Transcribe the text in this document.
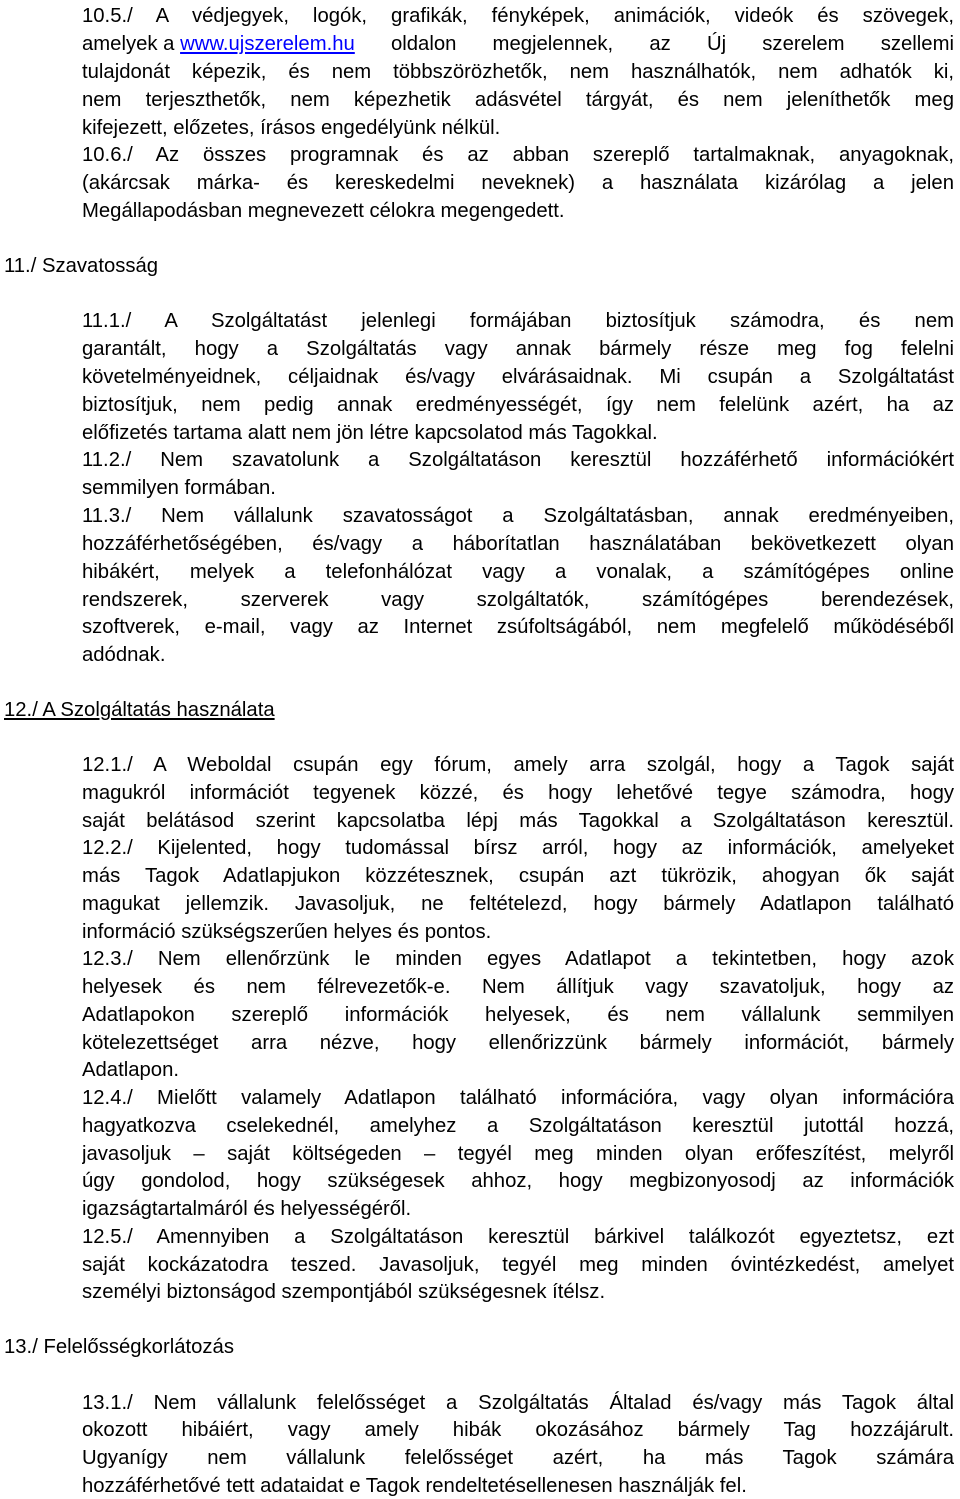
10.5./ A védjegyek, logók, grafikák, fényképek, animációk, videók és szövegek,
amelyek a www.ujszerelem.hu oldalon megjelennek, az Új szerelem szellemi
tulajdonát képezik, és nem többszörözhetők, nem használhatók, nem adhatók ki,
nem terjeszthetők, nem képezhetik adásvétel tárgyát, és nem jeleníthetők meg
kifejezett, előzetes, írásos engedélyünk nélkül.
10.6./ Az összes programnak és az abban szereplő tartalmaknak, anyagoknak,
(akárcsak márka- és kereskedelmi neveknek) a használata kizárólag a jelen
Megállapodásban megnevezett célokra megengedett.
11./ Szavatosság
11.1./ A Szolgáltatást jelenlegi formájában biztosítjuk számodra, és nem
garantált, hogy a Szolgáltatás vagy annak bármely része meg fog felelni
követelményeidnek, céljaidnak és/vagy elvárásaidnak. Mi csupán a Szolgáltatást
biztosítjuk, nem pedig annak eredményességét, így nem felelünk azért, ha az
előfizetés tartama alatt nem jön létre kapcsolatod más Tagokkal.
11.2./ Nem szavatolunk a Szolgáltatáson keresztül hozzáférhető információkért
semmilyen formában.
11.3./ Nem vállalunk szavatosságot a Szolgáltatásban, annak eredményeiben,
hozzáférhetőségében, és/vagy a háborítatlan használatában bekövetkezett olyan
hibákért, melyek a telefonhálózat vagy a vonalak, a számítógépes online
rendszerek, szerverek vagy szolgáltatók, számítógépes berendezések,
szoftverek, e-mail, vagy az Internet zsúfoltságából, nem megfelelő működéséből
adódnak.
12./ A Szolgáltatás használata
12.1./ A Weboldal csupán egy fórum, amely arra szolgál, hogy a Tagok saját
magukról információt tegyenek közzé, és hogy lehetővé tegye számodra, hogy
saját belátásod szerint kapcsolatba lépj más Tagokkal a Szolgáltatáson keresztül.
12.2./ Kijelented, hogy tudomással bírsz arról, hogy az információk, amelyeket
más Tagok Adatlapjukon közzétesznek, csupán azt tükrözik, ahogyan ők saját
magukat jellemzik. Javasoljuk, ne feltételezd, hogy bármely Adatlapon található
információ szükségszerűen helyes és pontos.
12.3./ Nem ellenőrzünk le minden egyes Adatlapot a tekintetben, hogy azok
helyesek és nem félrevezetők-e. Nem állítjuk vagy szavatoljuk, hogy az
Adatlapokon szereplő információk helyesek, és nem vállalunk semmilyen
kötelezettséget arra nézve, hogy ellenőrizzünk bármely információt, bármely
Adatlapon.
12.4./ Mielőtt valamely Adatlapon található információra, vagy olyan információra
hagyatkozva cselekednél, amelyhez a Szolgáltatáson keresztül jutottál hozzá,
javasoljuk – saját költségeden – tegyél meg minden olyan erőfeszítést, melyről
úgy gondolod, hogy szükségesek ahhoz, hogy megbizonyosodj az információk
igazságtartalmáról és helyességéről.
12.5./ Amennyiben a Szolgáltatáson keresztül bárkivel találkozót egyeztetsz, ezt
saját kockázatodra teszed. Javasoljuk, tegyél meg minden óvintézkedést, amelyet
személyi biztonságod szempontjából szükségesnek ítélsz.
13./ Felelősségkorlátozás
13.1./ Nem vállalunk felelősséget a Szolgáltatás Általad és/vagy más Tagok által
okozott hibáiért, vagy amely hibák okozásához bármely Tag hozzájárult.
Ugyanígy nem vállalunk felelősséget azért, ha más Tagok számára
hozzáférhetővé tett adataidat e Tagok rendeltetésellenesen használják fel.
